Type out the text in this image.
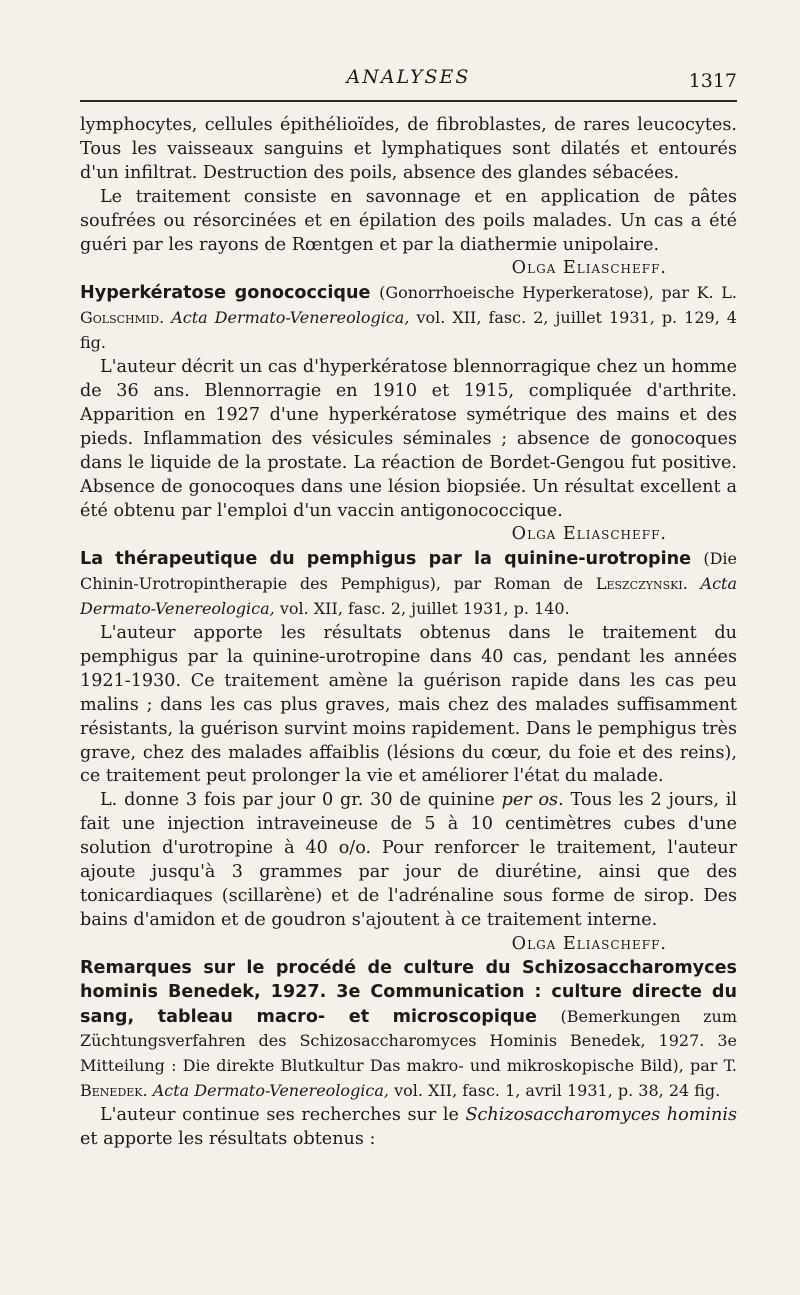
ANALYSES	1317

lymphocytes, cellules épithélioïdes, de fibroblastes, de rares leucocytes. Tous les vaisseaux sanguins et lymphatiques sont dilatés et entourés d'un infiltrat. Destruction des poils, absence des glandes sébacées.

Le traitement consiste en savonnage et en application de pâtes soufrées ou résorcinées et en épilation des poils malades. Un cas a été guéri par les rayons de Rœntgen et par la diathermie unipolaire.

Olga Eliascheff.

Hyperkératose gonococcique (Gonorrhoeische Hyperkeratose), par K. L. Golschmid. Acta Dermato-Venereologica, vol. XII, fasc. 2, juillet 1931, p. 129, 4 fig.

L'auteur décrit un cas d'hyperkératose blennorragique chez un homme de 36 ans. Blennorragie en 1910 et 1915, compliquée d'arthrite. Apparition en 1927 d'une hyperkératose symétrique des mains et des pieds. Inflammation des vésicules séminales ; absence de gonocoques dans le liquide de la prostate. La réaction de Bordet-Gengou fut positive. Absence de gonocoques dans une lésion biopsiée. Un résultat excellent a été obtenu par l'emploi d'un vaccin antigonococcique.

Olga Eliascheff.

La thérapeutique du pemphigus par la quinine-urotropine (Die Chinin-Urotropintherapie des Pemphigus), par Roman de Leszczynski. Acta Dermato-Venereologica, vol. XII, fasc. 2, juillet 1931, p. 140.

L'auteur apporte les résultats obtenus dans le traitement du pemphigus par la quinine-urotropine dans 40 cas, pendant les années 1921-1930. Ce traitement amène la guérison rapide dans les cas peu malins ; dans les cas plus graves, mais chez des malades suffisamment résistants, la guérison survint moins rapidement. Dans le pemphigus très grave, chez des malades affaiblis (lésions du cœur, du foie et des reins), ce traitement peut prolonger la vie et améliorer l'état du malade.

L. donne 3 fois par jour 0 gr. 30 de quinine per os. Tous les 2 jours, il fait une injection intraveineuse de 5 à 10 centimètres cubes d'une solution d'urotropine à 40 o/o. Pour renforcer le traitement, l'auteur ajoute jusqu'à 3 grammes par jour de diurétine, ainsi que des tonicardiaques (scillarène) et de l'adrénaline sous forme de sirop. Des bains d'amidon et de goudron s'ajoutent à ce traitement interne.

Olga Eliascheff.

Remarques sur le procédé de culture du Schizosaccharomyces hominis Benedek, 1927. 3e Communication : culture directe du sang, tableau macro- et microscopique (Bemerkungen zum Züchtungsverfahren des Schizosaccharomyces Hominis Benedek, 1927. 3e Mitteilung : Die direkte Blutkultur Das makro- und mikroskopische Bild), par T. Benedek. Acta Dermato-Venereologica, vol. XII, fasc. 1, avril 1931, p. 38, 24 fig.

L'auteur continue ses recherches sur le Schizosaccharomyces hominis et apporte les résultats obtenus :
